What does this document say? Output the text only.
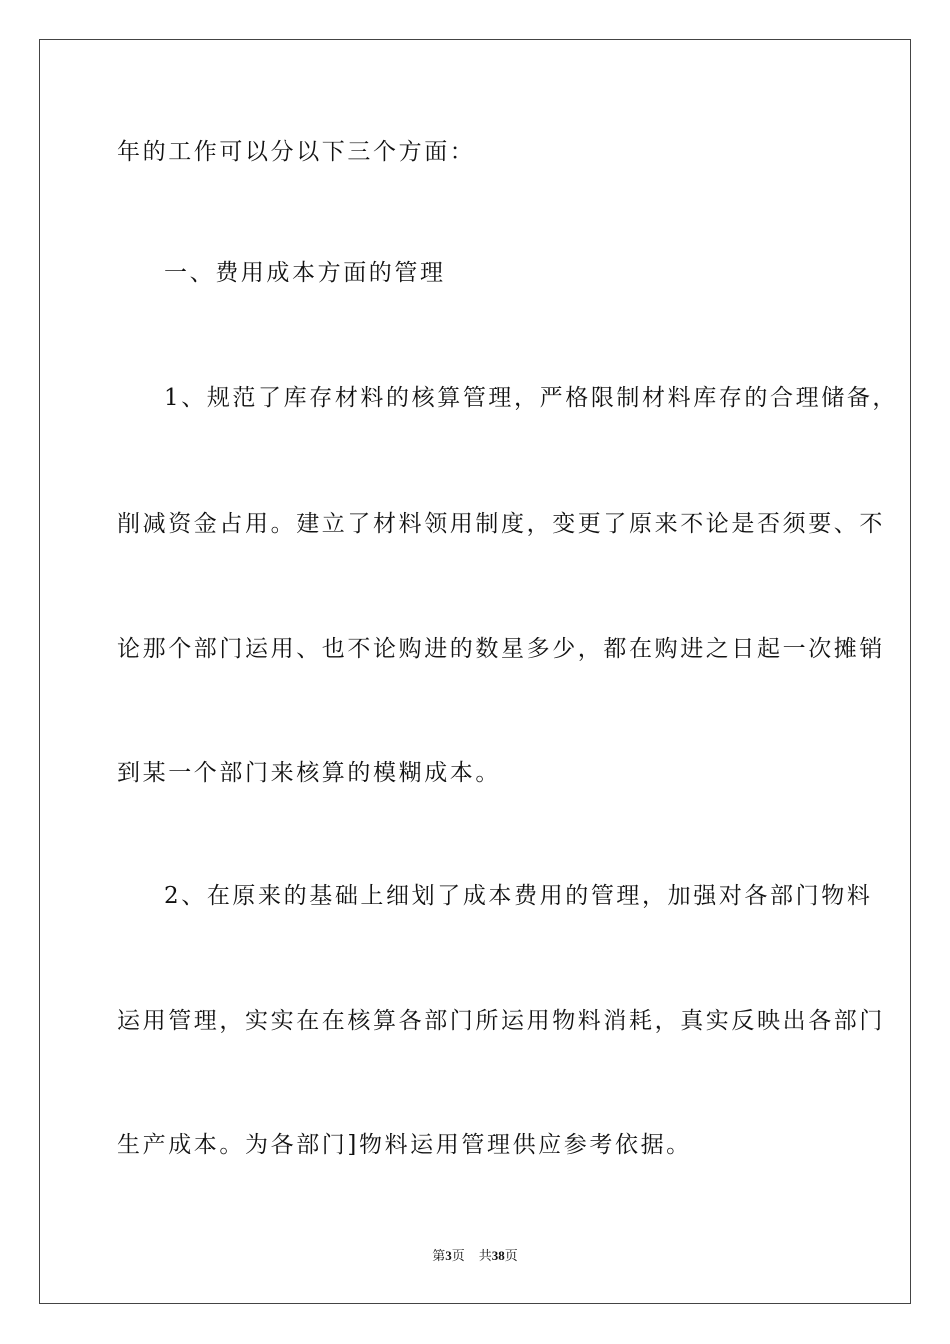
年的工作可以分以下三个方面：
一、费用成本方面的管理
1、规范了库存材料的核算管理，严格限制材料库存的合理储备，
削减资金占用。建立了材料领用制度，变更了原来不论是否须要、不
论那个部门运用、也不论购进的数星多少，都在购进之日起一次摊销
到某一个部门来核算的模糊成本。
2、在原来的基础上细划了成本费用的管理，加强对各部门物料
运用管理，实实在在核算各部门所运用物料消耗，真实反映出各部门
生产成本。为各部门]物料运用管理供应参考依据。
第3页 共38页
